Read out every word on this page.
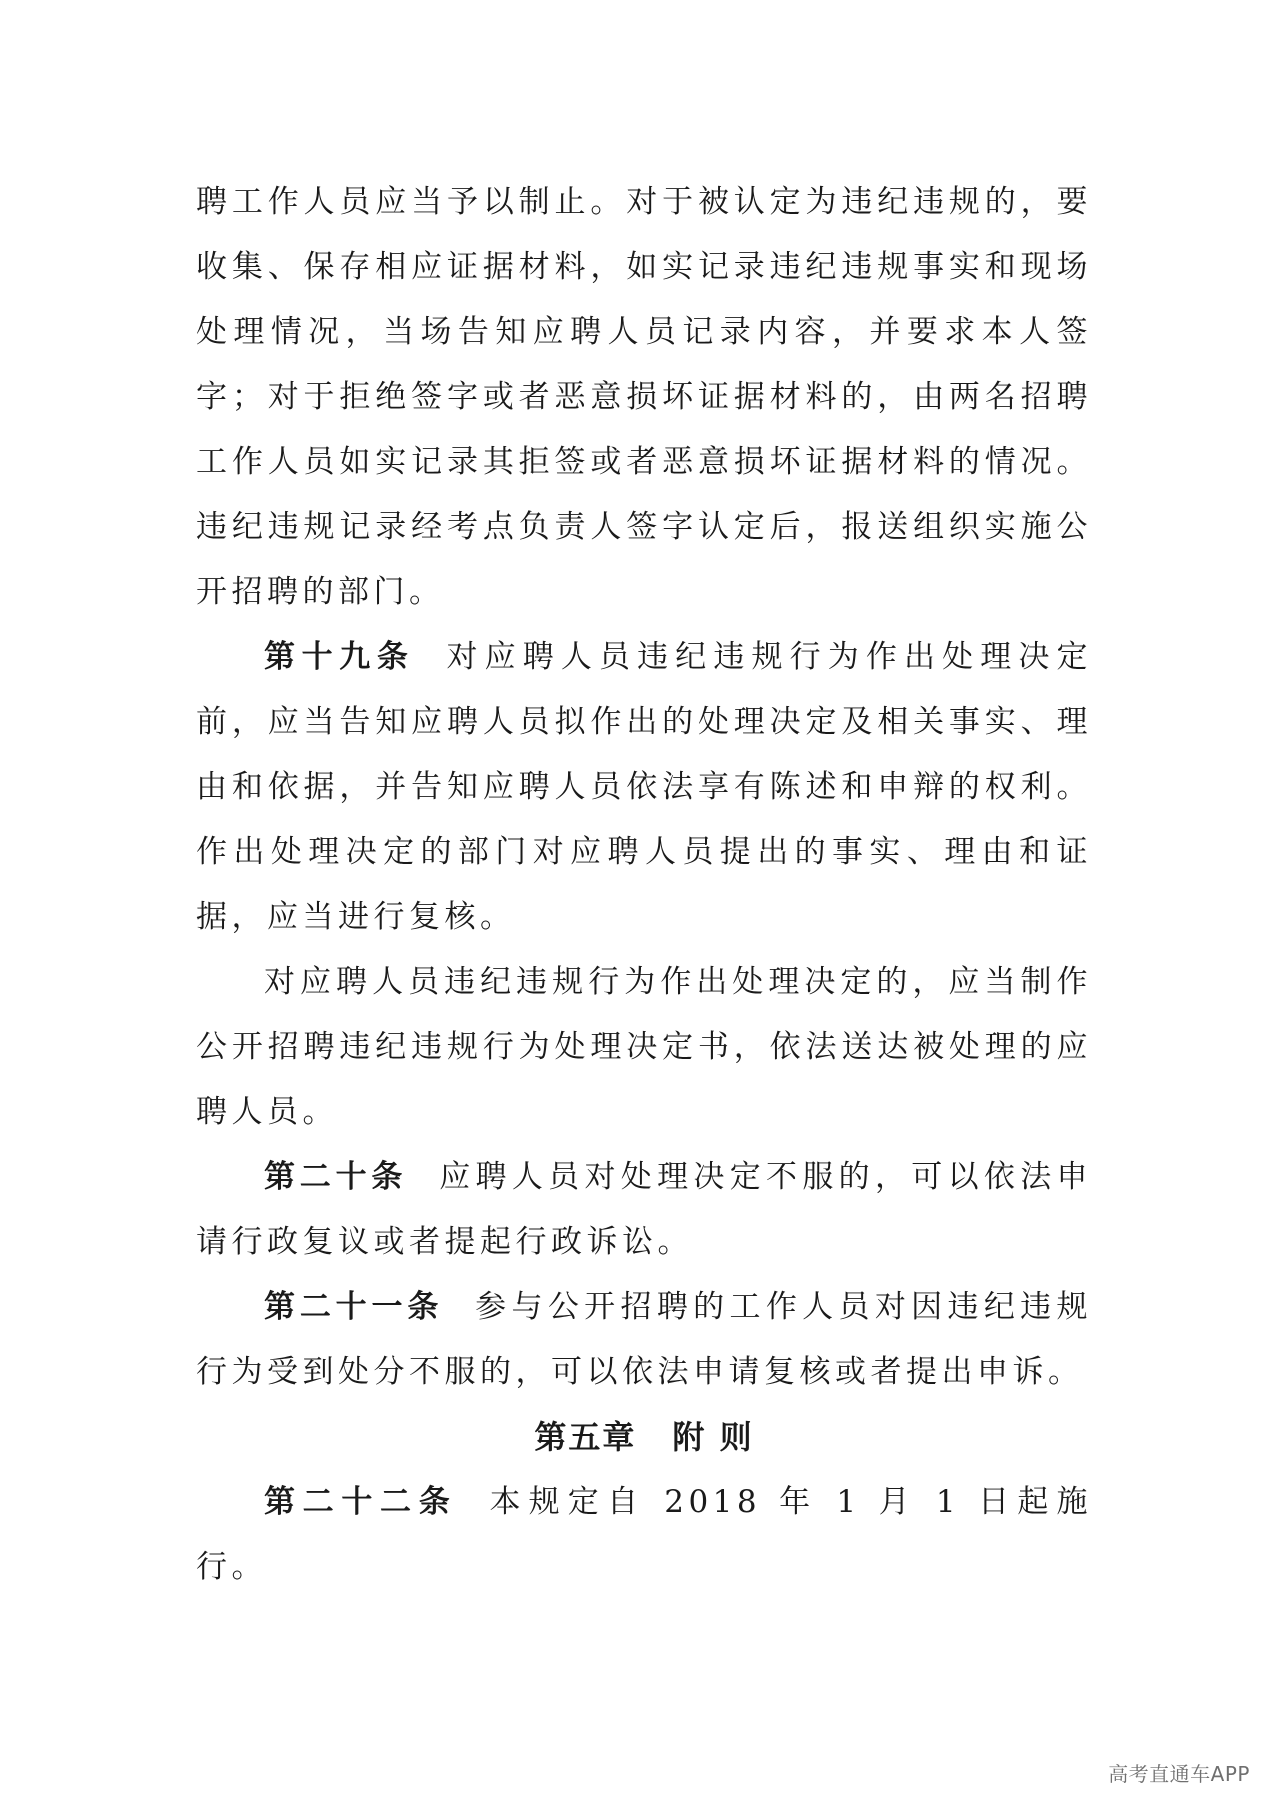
聘工作人员应当予以制止。对于被认定为违纪违规的，要收集、保存相应证据材料，如实记录违纪违规事实和现场处理情况，当场告知应聘人员记录内容，并要求本人签字；对于拒绝签字或者恶意损坏证据材料的，由两名招聘工作人员如实记录其拒签或者恶意损坏证据材料的情况。违纪违规记录经考点负责人签字认定后，报送组织实施公开招聘的部门。

第十九条 对应聘人员违纪违规行为作出处理决定前，应当告知应聘人员拟作出的处理决定及相关事实、理由和依据，并告知应聘人员依法享有陈述和申辩的权利。作出处理决定的部门对应聘人员提出的事实、理由和证据，应当进行复核。

对应聘人员违纪违规行为作出处理决定的，应当制作公开招聘违纪违规行为处理决定书，依法送达被处理的应聘人员。

第二十条 应聘人员对处理决定不服的，可以依法申请行政复议或者提起行政诉讼。

第二十一条 参与公开招聘的工作人员对因违纪违规行为受到处分不服的，可以依法申请复核或者提出申诉。

第五章 附 则

第二十二条 本规定自 2018 年 1 月 1 日起施行。

高考直通车APP
